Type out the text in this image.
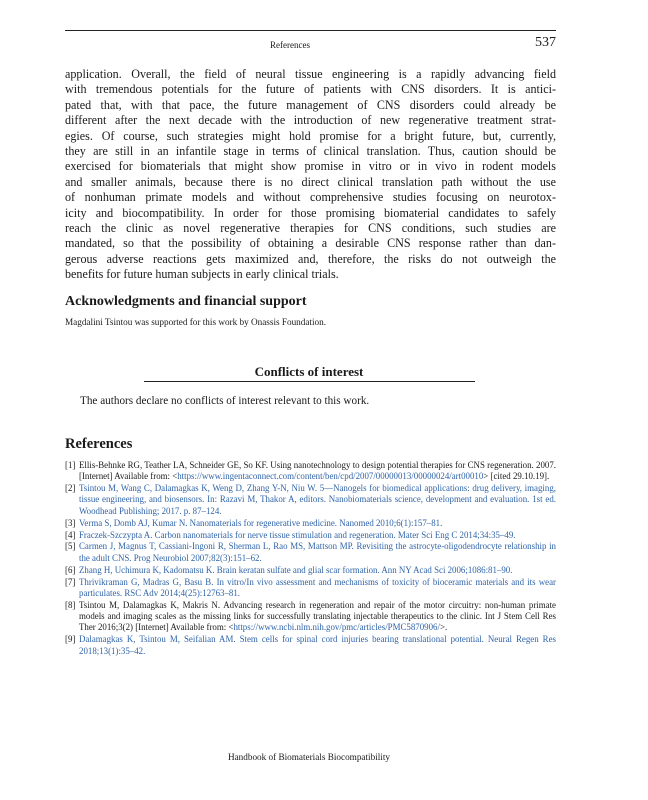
References	537
application. Overall, the field of neural tissue engineering is a rapidly advancing field
with tremendous potentials for the future of patients with CNS disorders. It is antici-
pated that, with that pace, the future management of CNS disorders could already be
different after the next decade with the introduction of new regenerative treatment strat-
egies. Of course, such strategies might hold promise for a bright future, but, currently,
they are still in an infantile stage in terms of clinical translation. Thus, caution should be
exercised for biomaterials that might show promise in vitro or in vivo in rodent models
and smaller animals, because there is no direct clinical translation path without the use
of nonhuman primate models and without comprehensive studies focusing on neurotox-
icity and biocompatibility. In order for those promising biomaterial candidates to safely
reach the clinic as novel regenerative therapies for CNS conditions, such studies are
mandated, so that the possibility of obtaining a desirable CNS response rather than dan-
gerous adverse reactions gets maximized and, therefore, the risks do not outweigh the
benefits for future human subjects in early clinical trials.
Acknowledgments and financial support
Magdalini Tsintou was supported for this work by Onassis Foundation.
Conflicts of interest
The authors declare no conflicts of interest relevant to this work.
References
[1] Ellis-Behnke RG, Teather LA, Schneider GE, So KF. Using nanotechnology to design potential therapies for CNS regeneration. 2007. [Internet] Available from: <https://www.ingentaconnect.com/content/ben/cpd/2007/00000013/00000024/art00010> [cited 29.10.19].
[2] Tsintou M, Wang C, Dalamagkas K, Weng D, Zhang Y-N, Niu W. 5—Nanogels for biomedical applications: drug delivery, imaging, tissue engineering, and biosensors. In: Razavi M, Thakor A, editors. Nanobiomaterials science, development and evaluation. 1st ed. Woodhead Publishing; 2017. p. 87–124.
[3] Verma S, Domb AJ, Kumar N. Nanomaterials for regenerative medicine. Nanomed 2010;6(1):157–81.
[4] Fraczek-Szczypta A. Carbon nanomaterials for nerve tissue stimulation and regeneration. Mater Sci Eng C 2014;34:35–49.
[5] Carmen J, Magnus T, Cassiani-Ingoni R, Sherman L, Rao MS, Mattson MP. Revisiting the astrocyte-oligodendrocyte relationship in the adult CNS. Prog Neurobiol 2007;82(3):151–62.
[6] Zhang H, Uchimura K, Kadomatsu K. Brain keratan sulfate and glial scar formation. Ann NY Acad Sci 2006;1086:81–90.
[7] Thrivikraman G, Madras G, Basu B. In vitro/In vivo assessment and mechanisms of toxicity of bioceramic materials and its wear particulates. RSC Adv 2014;4(25):12763–81.
[8] Tsintou M, Dalamagkas K, Makris N. Advancing research in regeneration and repair of the motor circuitry: non-human primate models and imaging scales as the missing links for successfully translating injectable therapeutics to the clinic. Int J Stem Cell Res Ther 2016;3(2) [Internet] Available from: <https://www.ncbi.nlm.nih.gov/pmc/articles/PMC5870906/>.
[9] Dalamagkas K, Tsintou M, Seifalian AM. Stem cells for spinal cord injuries bearing translational potential. Neural Regen Res 2018;13(1):35–42.
Handbook of Biomaterials Biocompatibility
